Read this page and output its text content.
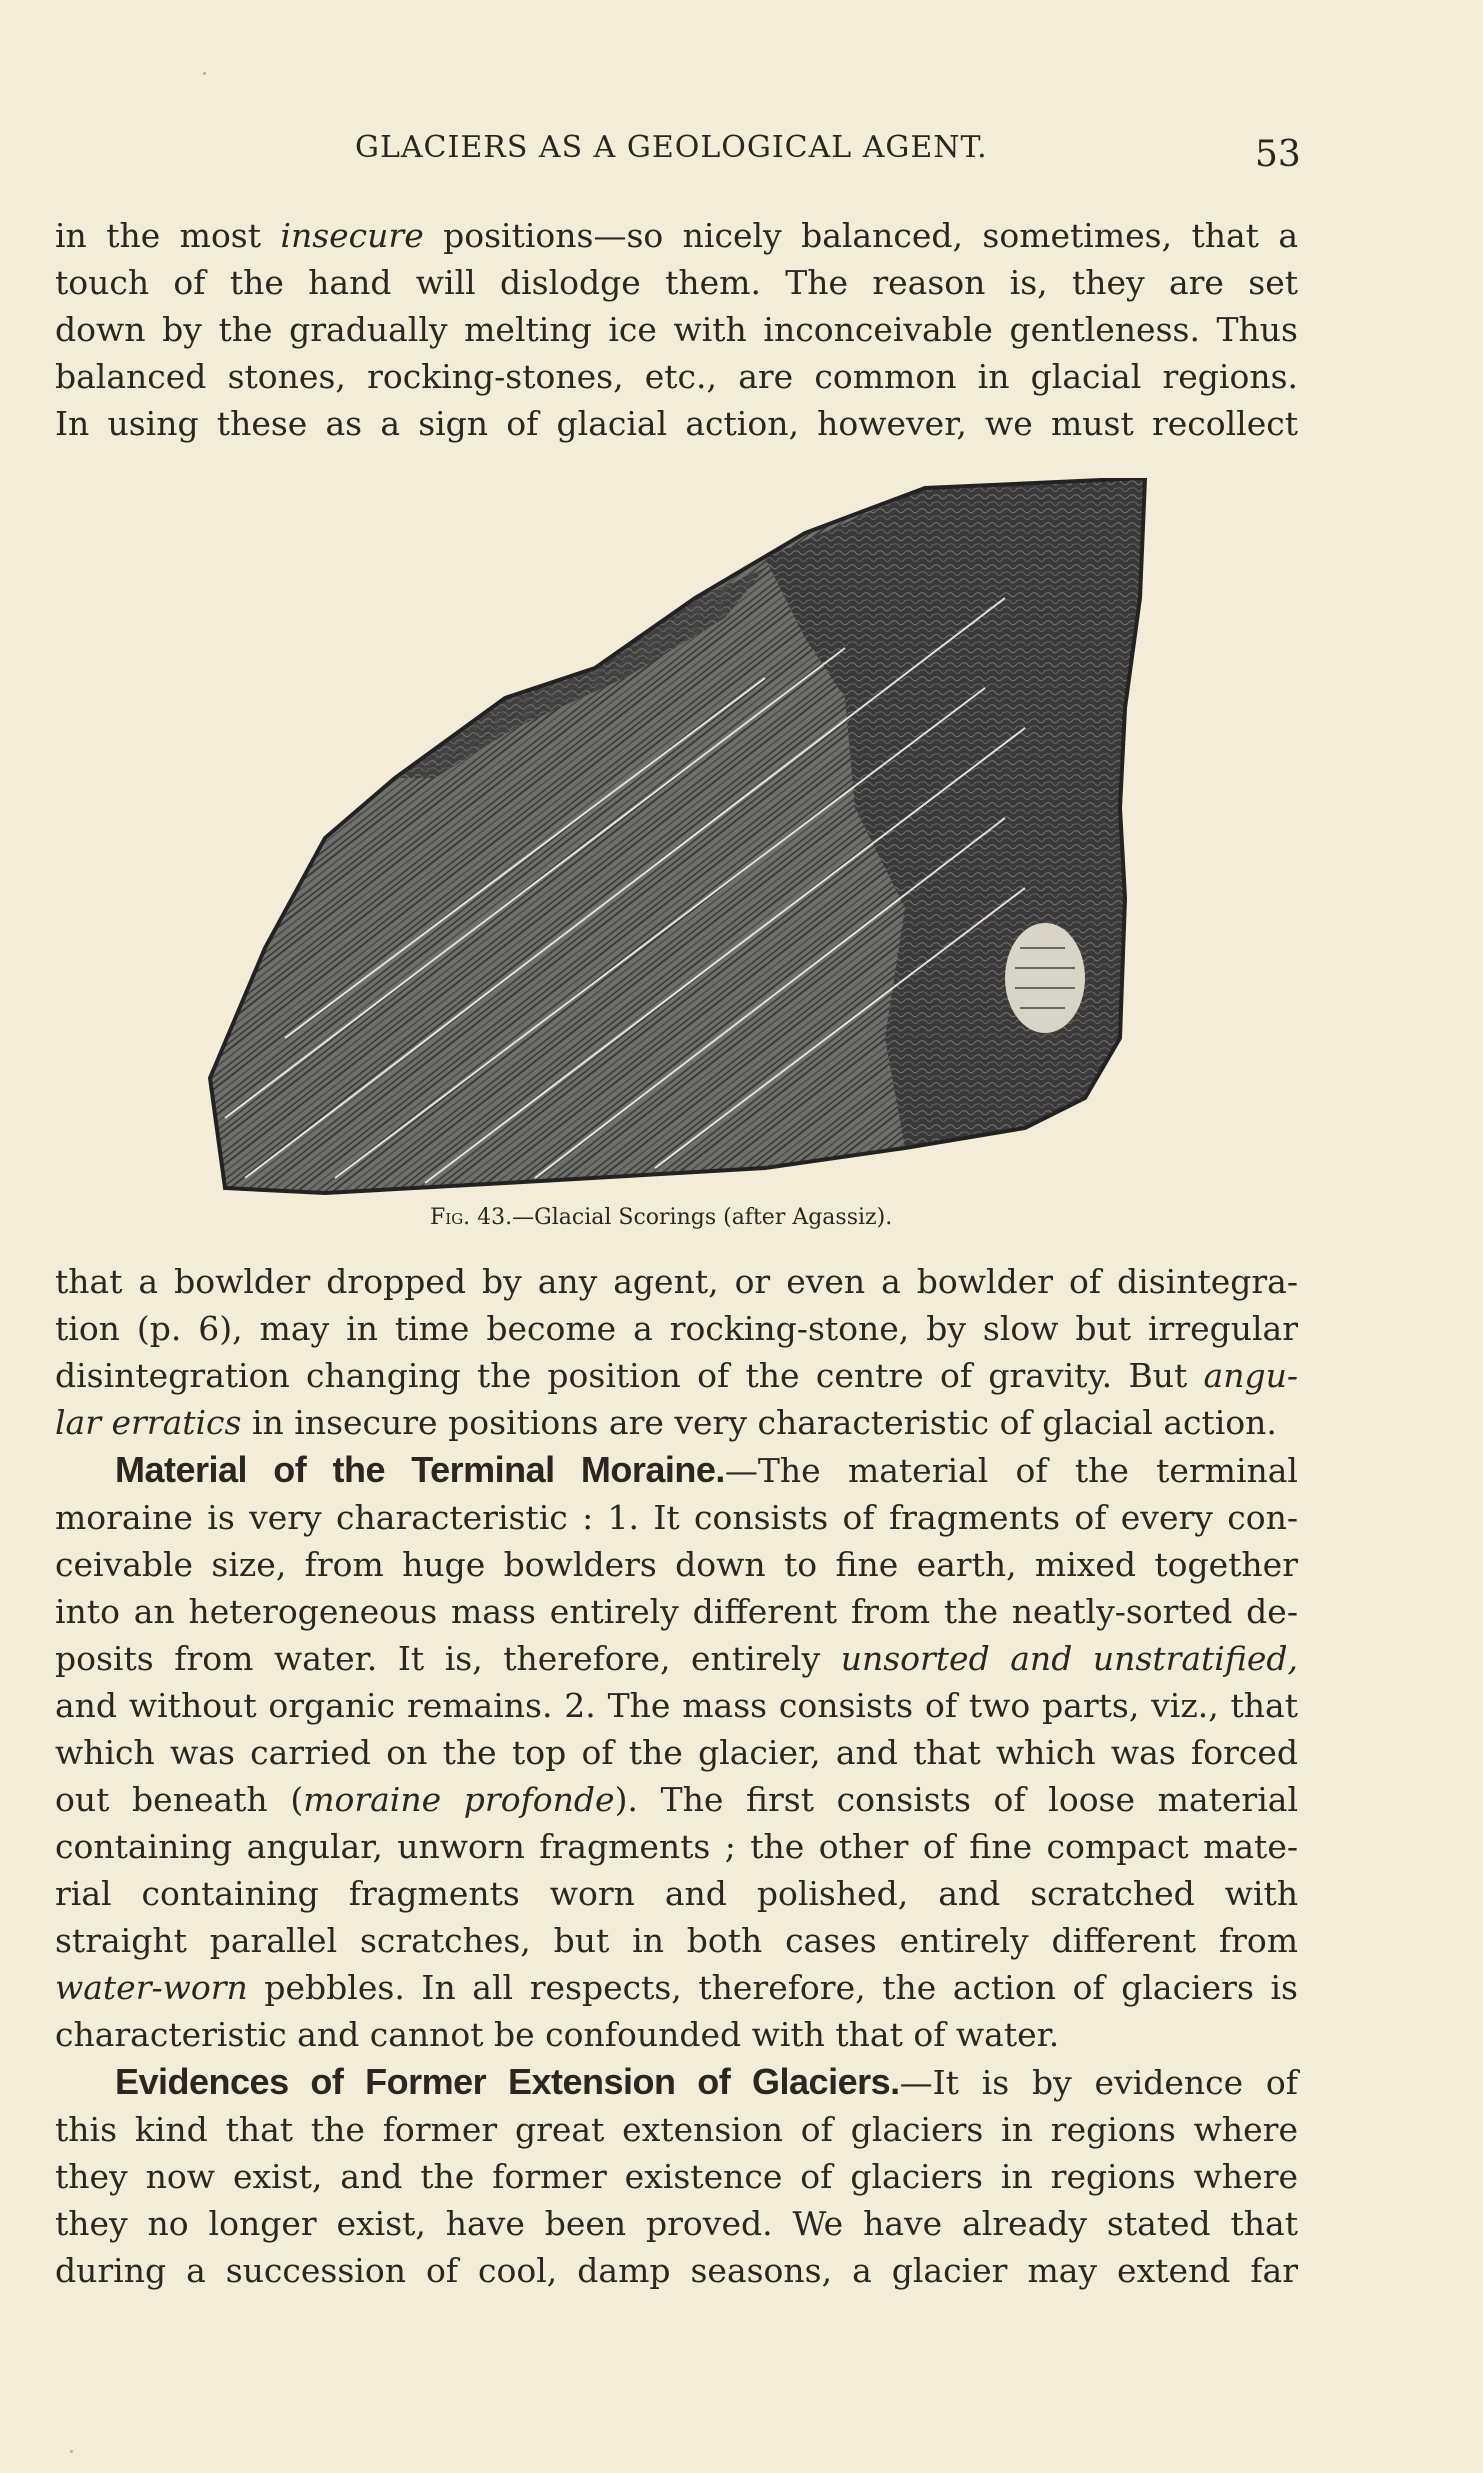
GLACIERS AS A GEOLOGICAL AGENT.	53

in the most insecure positions—so nicely balanced, sometimes, that a

touch of the hand will dislodge them. The reason is, they are set

down by the gradually melting ice with inconceivable gentleness. Thus

balanced stones, rocking-stones, etc., are common in glacial regions.

In using these as a sign of glacial action, however, we must recollect

Fig. 43.—Glacial Scorings (after Agassiz).

that a bowlder dropped by any agent, or even a bowlder of disintegra-

tion (p. 6), may in time become a rocking-stone, by slow but irregular

disintegration changing the position of the centre of gravity. But angu-

lar erratics in insecure positions are very characteristic of glacial action.

Material of the Terminal Moraine.—The material of the terminal

moraine is very characteristic : 1. It consists of fragments of every con-

ceivable size, from huge bowlders down to fine earth, mixed together

into an heterogeneous mass entirely different from the neatly-sorted de-

posits from water. It is, therefore, entirely unsorted and unstratified,

and without organic remains. 2. The mass consists of two parts, viz., that

which was carried on the top of the glacier, and that which was forced

out beneath (moraine profonde). The first consists of loose material

containing angular, unworn fragments ; the other of fine compact mate-

rial containing fragments worn and polished, and scratched with

straight parallel scratches, but in both cases entirely different from

water-worn pebbles. In all respects, therefore, the action of glaciers is

characteristic and cannot be confounded with that of water.

Evidences of Former Extension of Glaciers.—It is by evidence of

this kind that the former great extension of glaciers in regions where

they now exist, and the former existence of glaciers in regions where

they no longer exist, have been proved. We have already stated that

during a succession of cool, damp seasons, a glacier may extend far
